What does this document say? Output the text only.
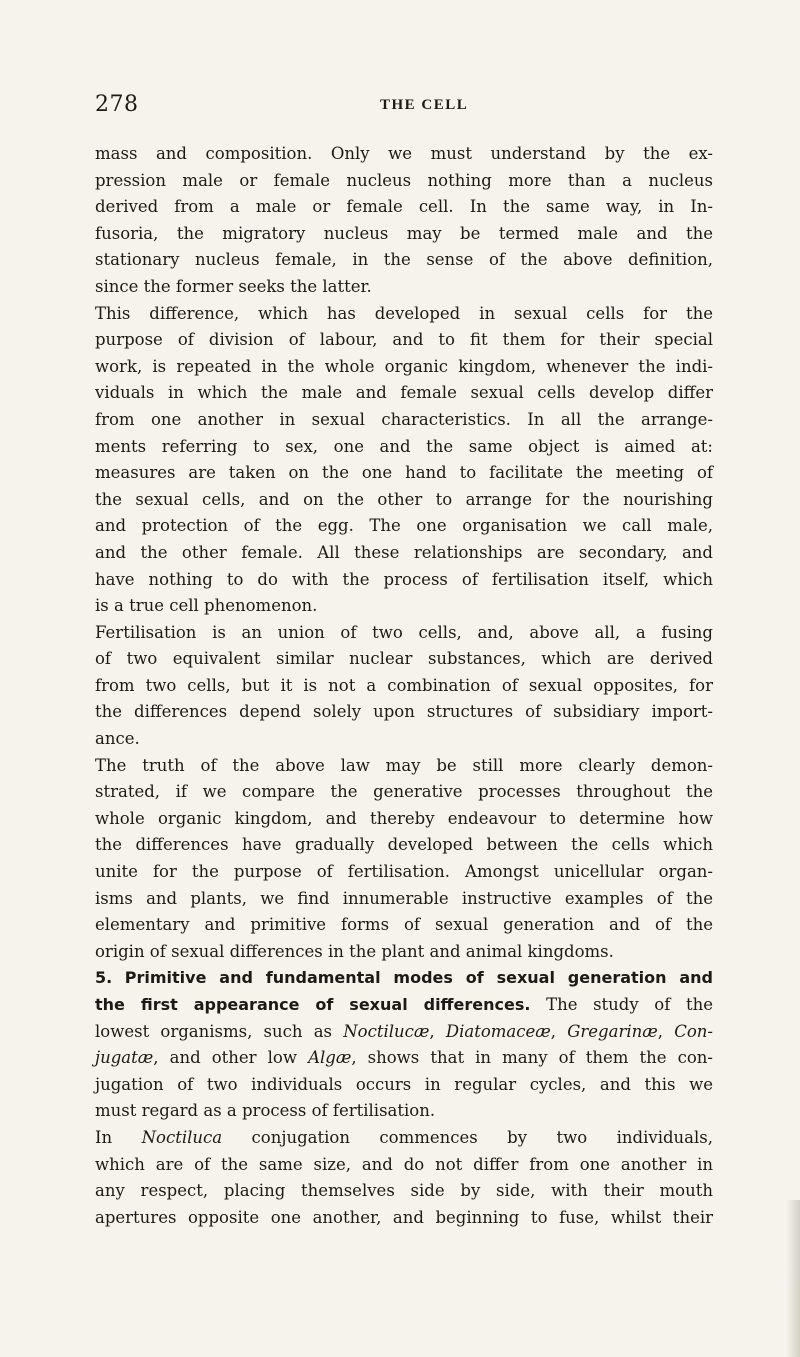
278	THE CELL

mass and composition. Only we must understand by the ex-
pression male or female nucleus nothing more than a nucleus
derived from a male or female cell. In the same way, in In-
fusoria, the migratory nucleus may be termed male and the
stationary nucleus female, in the sense of the above definition,
since the former seeks the latter.

This difference, which has developed in sexual cells for the
purpose of division of labour, and to fit them for their special
work, is repeated in the whole organic kingdom, whenever the indi-
viduals in which the male and female sexual cells develop differ
from one another in sexual characteristics. In all the arrange-
ments referring to sex, one and the same object is aimed at:
measures are taken on the one hand to facilitate the meeting of
the sexual cells, and on the other to arrange for the nourishing
and protection of the egg. The one organisation we call male,
and the other female. All these relationships are secondary, and
have nothing to do with the process of fertilisation itself, which
is a true cell phenomenon.

Fertilisation is an union of two cells, and, above all, a fusing
of two equivalent similar nuclear substances, which are derived
from two cells, but it is not a combination of sexual opposites, for
the differences depend solely upon structures of subsidiary import-
ance.

The truth of the above law may be still more clearly demon-
strated, if we compare the generative processes throughout the
whole organic kingdom, and thereby endeavour to determine how
the differences have gradually developed between the cells which
unite for the purpose of fertilisation. Amongst unicellular organ-
isms and plants, we find innumerable instructive examples of the
elementary and primitive forms of sexual generation and of the
origin of sexual differences in the plant and animal kingdoms.

5. Primitive and fundamental modes of sexual generation and
the first appearance of sexual differences. The study of the
lowest organisms, such as Noctilucæ, Diatomaceæ, Gregarinæ, Con-
jugatæ, and other low Algæ, shows that in many of them the con-
jugation of two individuals occurs in regular cycles, and this we
must regard as a process of fertilisation.

In Noctiluca conjugation commences by two individuals,
which are of the same size, and do not differ from one another in
any respect, placing themselves side by side, with their mouth
apertures opposite one another, and beginning to fuse, whilst their
